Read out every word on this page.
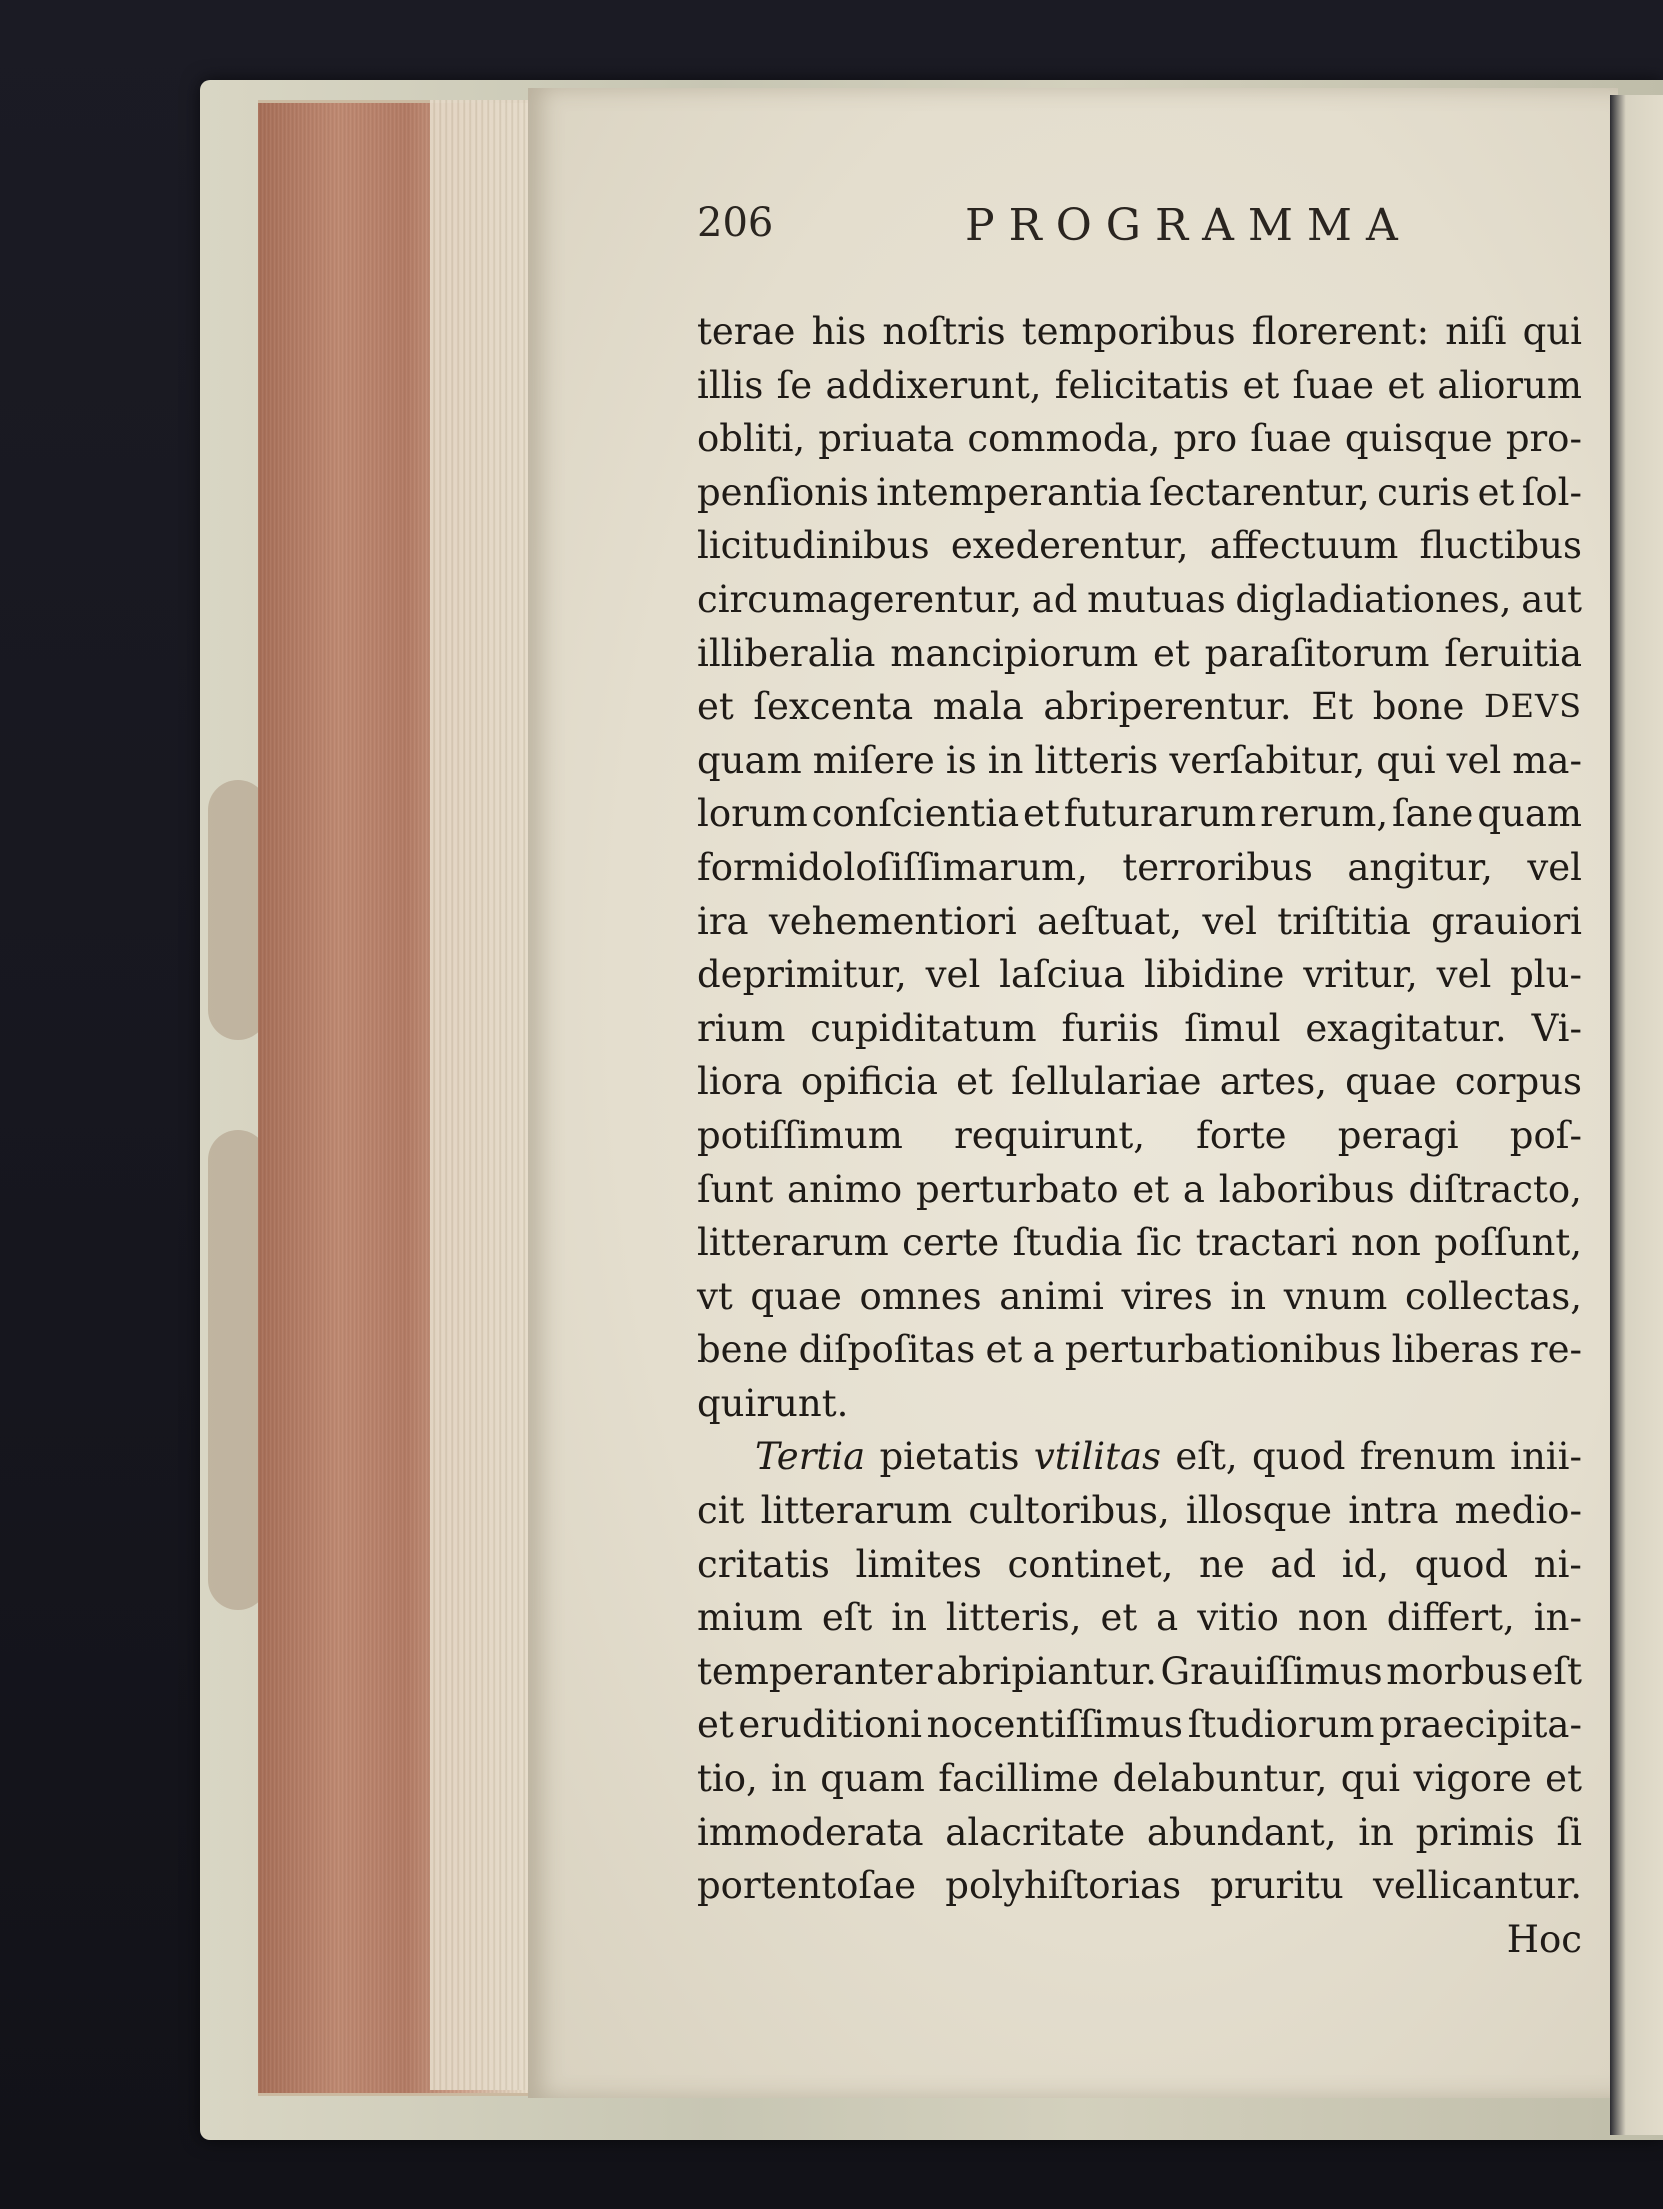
206	PROGRAMMA
terae his noſtris temporibus florerent: niſi qui
illis ſe addixerunt, felicitatis et ſuae et aliorum
obliti, priuata commoda, pro ſuae quisque pro-
penſionis intemperantia ſectarentur, curis et ſol-
licitudinibus exederentur, affectuum fluctibus
circumagerentur, ad mutuas digladiationes, aut
illiberalia mancipiorum et paraſitorum ſeruitia
et ſexcenta mala abriperentur. Et bone DEVS
quam miſere is in litteris verſabitur, qui vel ma-
lorum conſcientia et futurarum rerum, ſane quam
formidoloſiſſimarum, terroribus angitur, vel
ira vehementiori aeſtuat, vel triſtitia grauiori
deprimitur, vel laſciua libidine vritur, vel plu-
rium cupiditatum furiis ſimul exagitatur. Vi-
liora opificia et ſellulariae artes, quae corpus
potiſſimum requirunt, forte peragi poſ-
ſunt animo perturbato et a laboribus diſtracto,
litterarum certe ſtudia ſic tractari non poſſunt,
vt quae omnes animi vires in vnum collectas,
bene diſpoſitas et a perturbationibus liberas re-
quirunt.
Tertia pietatis vtilitas eſt, quod frenum inii-
cit litterarum cultoribus, illosque intra medio-
critatis limites continet, ne ad id, quod ni-
mium eſt in litteris, et a vitio non differt, in-
temperanter abripiantur. Grauiſſimus morbus eſt
et eruditioni nocentiſſimus ſtudiorum praecipita-
tio, in quam facillime delabuntur, qui vigore et
immoderata alacritate abundant, in primis ſi
portentoſae polyhiſtorias pruritu vellicantur.
Hoc
